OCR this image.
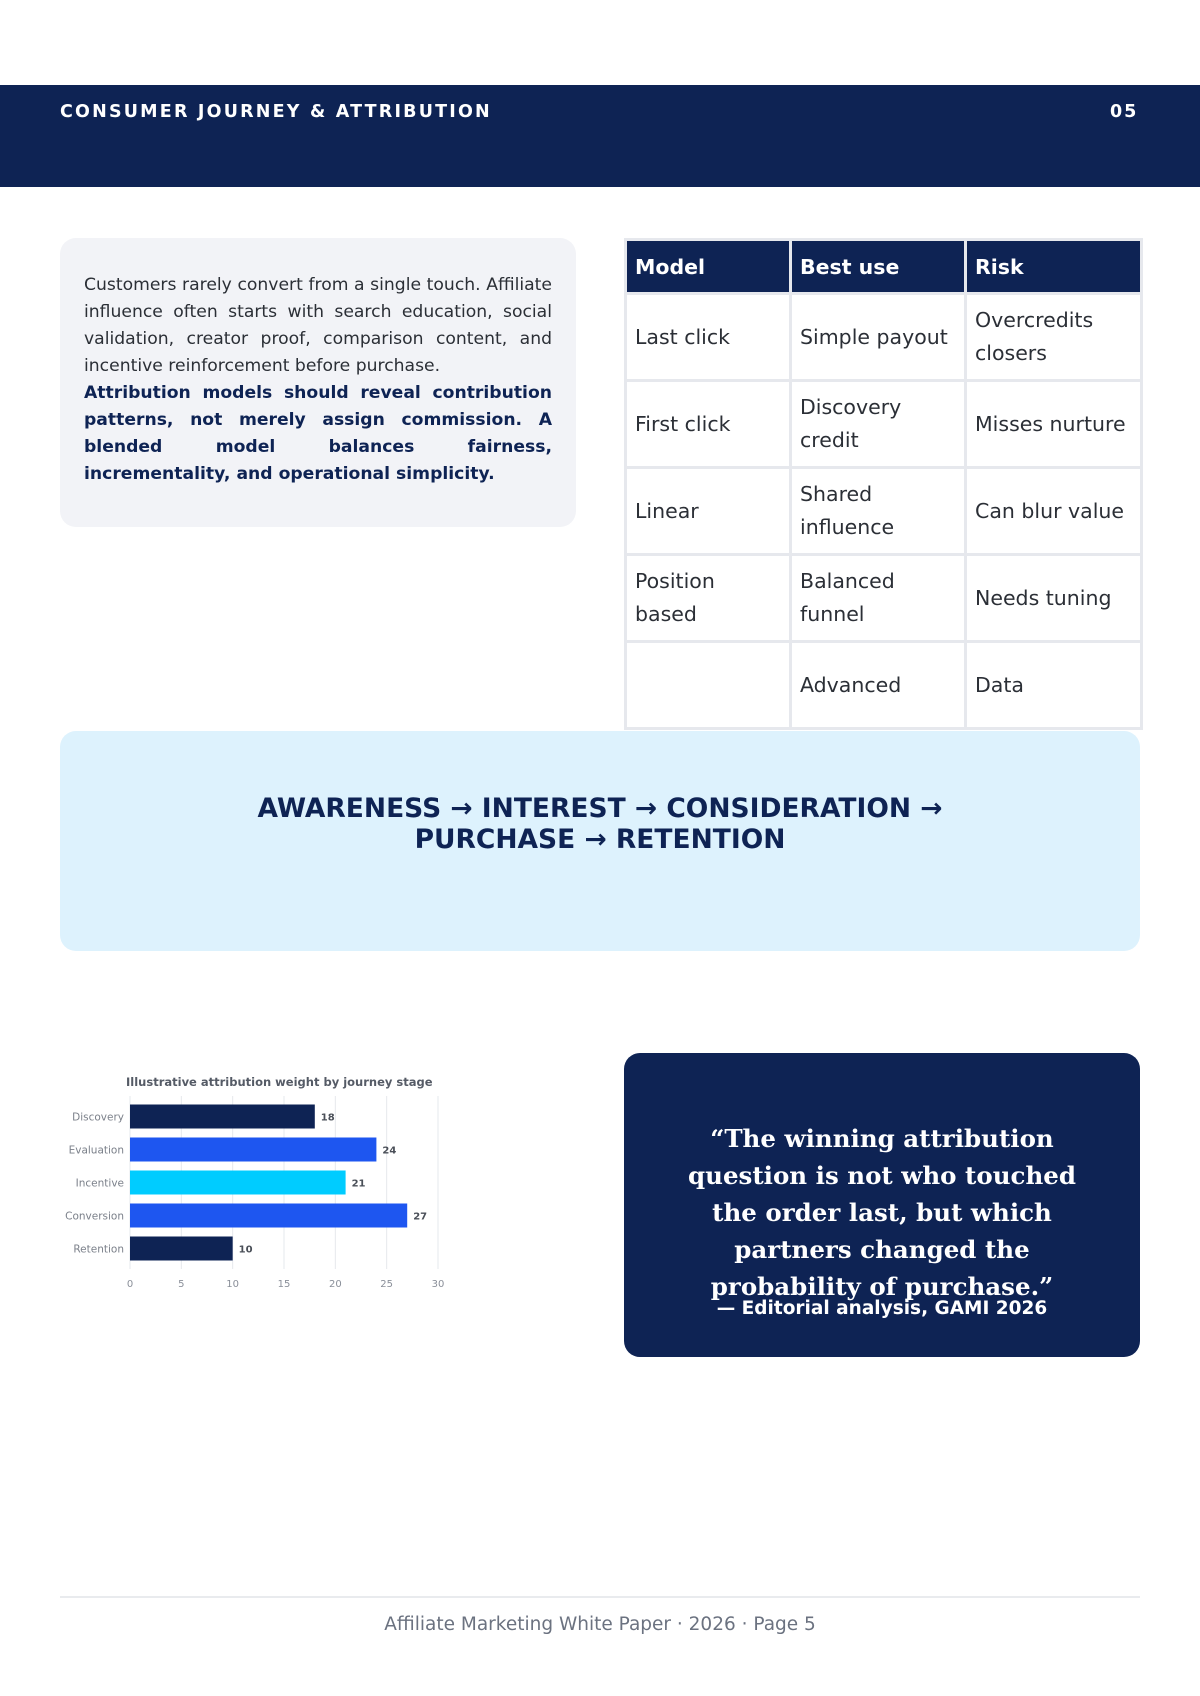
CONSUMER JOURNEY & ATTRIBUTION	05

Customers rarely convert from a single touch. Affiliate influence often starts with search education, social validation, creator proof, comparison content, and incentive reinforcement before purchase.

Attribution models should reveal contribution patterns, not merely assign commission. A blended model balances fairness, incrementality, and operational simplicity.

Model	Best use	Risk
Last click	Simple payout	Overcredits closers
First click	Discovery credit	Misses nurture
Linear	Shared influence	Can blur value
Position based	Balanced funnel	Needs tuning
	Advanced	Data
AWARENESS → INTEREST → CONSIDERATION → PURCHASE → RETENTION
Illustrative attribution weight by journey stage
Discovery
Evaluation
Incentive
Conversion
Retention
18
24
21
27
10
0	5	10	15	20	25	30
“The winning attribution question is not who touched the order last, but which partners changed the probability of purchase.”
— Editorial analysis, GAMI 2026
Affiliate Marketing White Paper · 2026 · Page 5
